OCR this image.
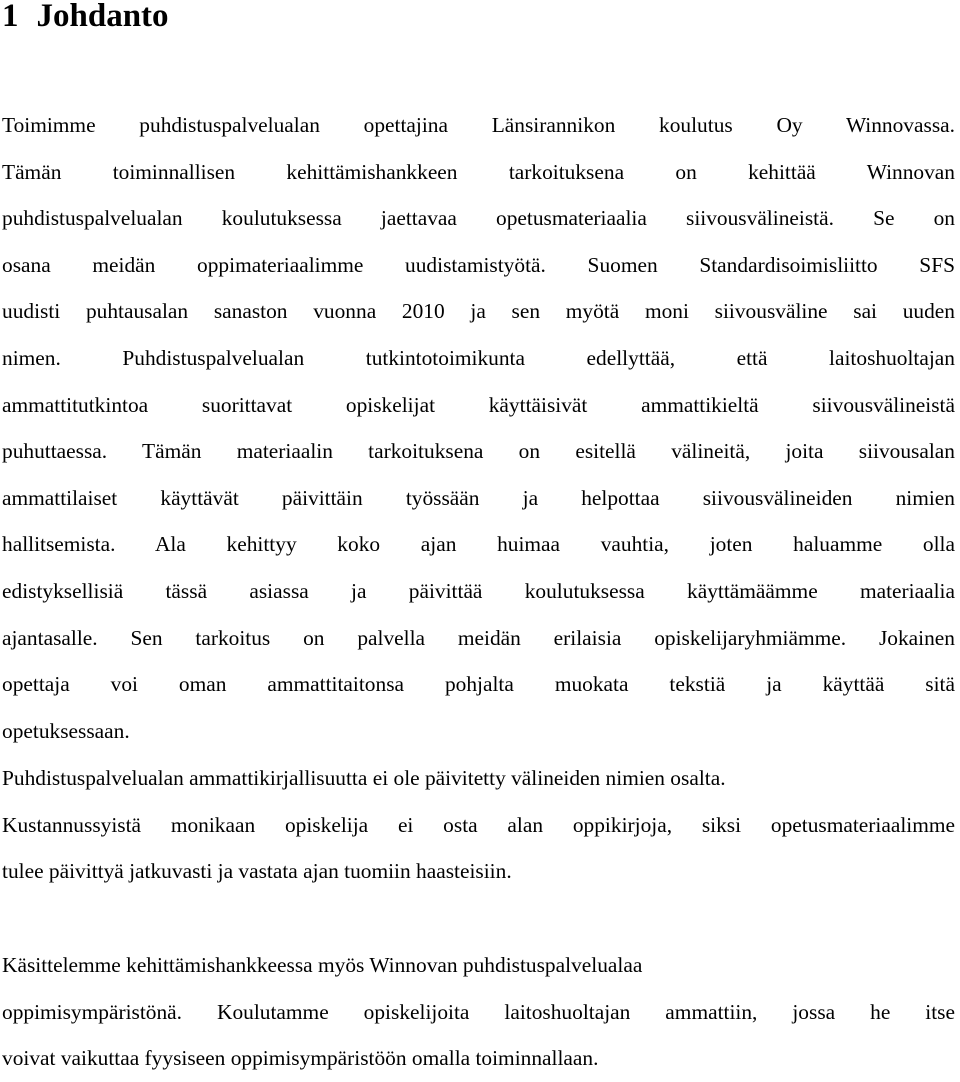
1 Johdanto
Toimimme puhdistuspalvelualan opettajina Länsirannikon koulutus Oy Winnovassa.
Tämän toiminnallisen kehittämishankkeen tarkoituksena on kehittää Winnovan
puhdistuspalvelualan koulutuksessa jaettavaa opetusmateriaalia siivousvälineistä. Se on
osana meidän oppimateriaalimme uudistamistyötä. Suomen Standardisoimisliitto SFS
uudisti puhtausalan sanaston vuonna 2010 ja sen myötä moni siivousväline sai uuden
nimen. Puhdistuspalvelualan tutkintotoimikunta edellyttää, että laitoshuoltajan
ammattitutkintoa suorittavat opiskelijat käyttäisivät ammattikieltä siivousvälineistä
puhuttaessa. Tämän materiaalin tarkoituksena on esitellä välineitä, joita siivousalan
ammattilaiset käyttävät päivittäin työssään ja helpottaa siivousvälineiden nimien
hallitsemista. Ala kehittyy koko ajan huimaa vauhtia, joten haluamme olla
edistyksellisiä tässä asiassa ja päivittää koulutuksessa käyttämäämme materiaalia
ajantasalle. Sen tarkoitus on palvella meidän erilaisia opiskelijaryhmiämme. Jokainen
opettaja voi oman ammattitaitonsa pohjalta muokata tekstiä ja käyttää sitä
opetuksessaan.
Puhdistuspalvelualan ammattikirjallisuutta ei ole päivitetty välineiden nimien osalta.
Kustannussyistä monikaan opiskelija ei osta alan oppikirjoja, siksi opetusmateriaalimme
tulee päivittyä jatkuvasti ja vastata ajan tuomiin haasteisiin.
Käsittelemme kehittämishankkeessa myös Winnovan puhdistuspalvelualaa
oppimisympäristönä. Koulutamme opiskelijoita laitoshuoltajan ammattiin, jossa he itse
voivat vaikuttaa fyysiseen oppimisympäristöön omalla toiminnallaan.
